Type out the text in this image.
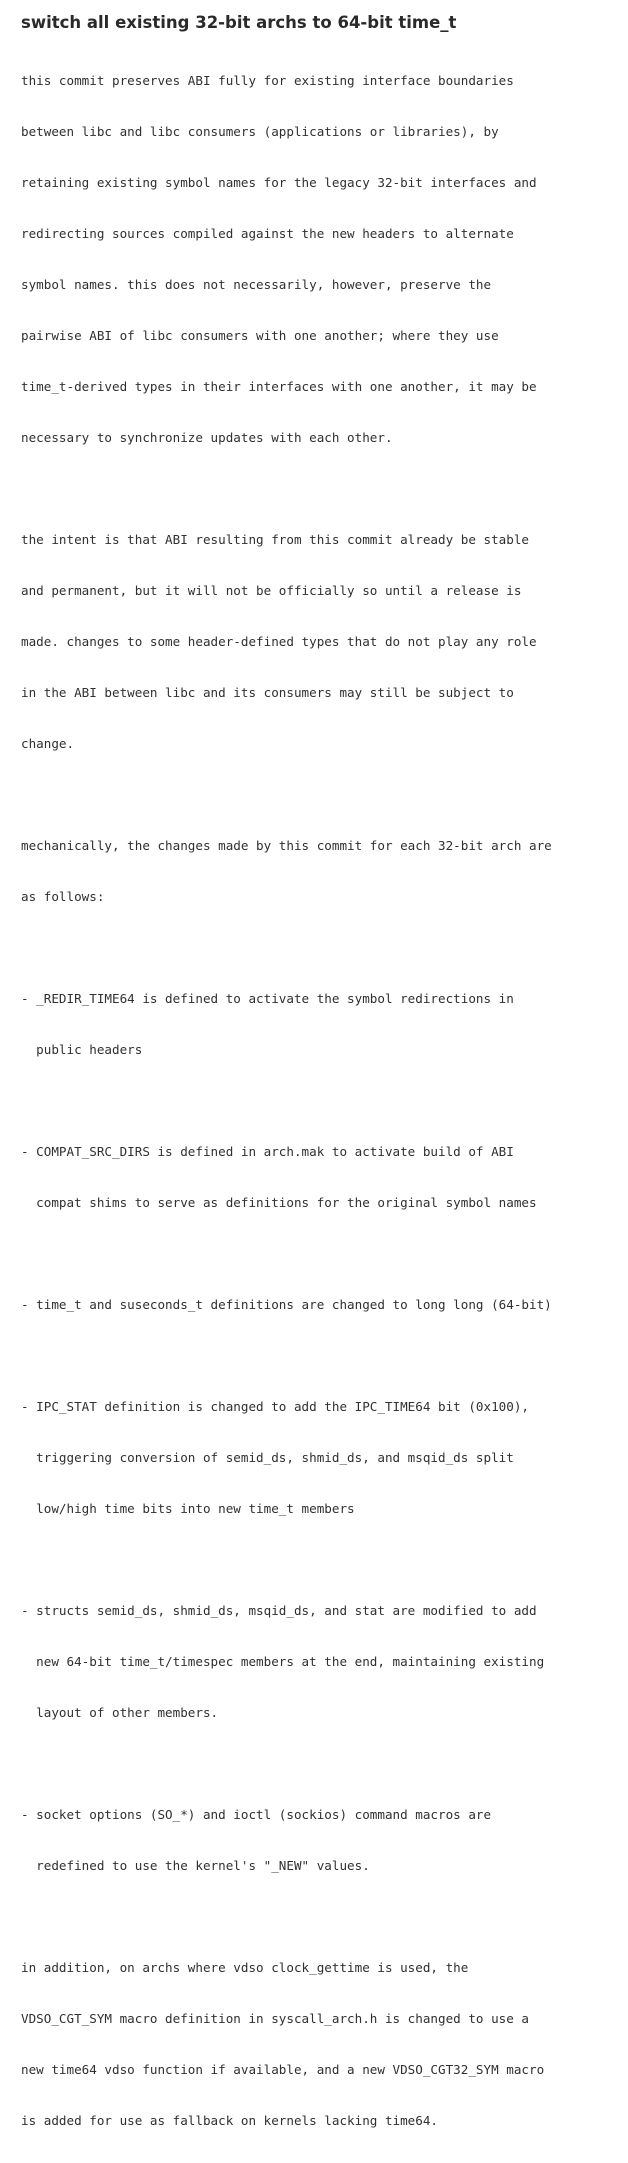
switch all existing 32-bit archs to 64-bit time_t

this commit preserves ABI fully for existing interface boundaries

between libc and libc consumers (applications or libraries), by

retaining existing symbol names for the legacy 32-bit interfaces and

redirecting sources compiled against the new headers to alternate

symbol names. this does not necessarily, however, preserve the

pairwise ABI of libc consumers with one another; where they use

time_t-derived types in their interfaces with one another, it may be

necessary to synchronize updates with each other.

the intent is that ABI resulting from this commit already be stable

and permanent, but it will not be officially so until a release is

made. changes to some header-defined types that do not play any role

in the ABI between libc and its consumers may still be subject to

change.

mechanically, the changes made by this commit for each 32-bit arch are

as follows:

- _REDIR_TIME64 is defined to activate the symbol redirections in

public headers

- COMPAT_SRC_DIRS is defined in arch.mak to activate build of ABI

compat shims to serve as definitions for the original symbol names

- time_t and suseconds_t definitions are changed to long long (64-bit)

- IPC_STAT definition is changed to add the IPC_TIME64 bit (0x100),

triggering conversion of semid_ds, shmid_ds, and msqid_ds split

low/high time bits into new time_t members

- structs semid_ds, shmid_ds, msqid_ds, and stat are modified to add

new 64-bit time_t/timespec members at the end, maintaining existing

layout of other members.

- socket options (SO_*) and ioctl (sockios) command macros are

redefined to use the kernel's "_NEW" values.

in addition, on archs where vdso clock_gettime is used, the

VDSO_CGT_SYM macro definition in syscall_arch.h is changed to use a

new time64 vdso function if available, and a new VDSO_CGT32_SYM macro

is added for use as fallback on kernels lacking time64.
